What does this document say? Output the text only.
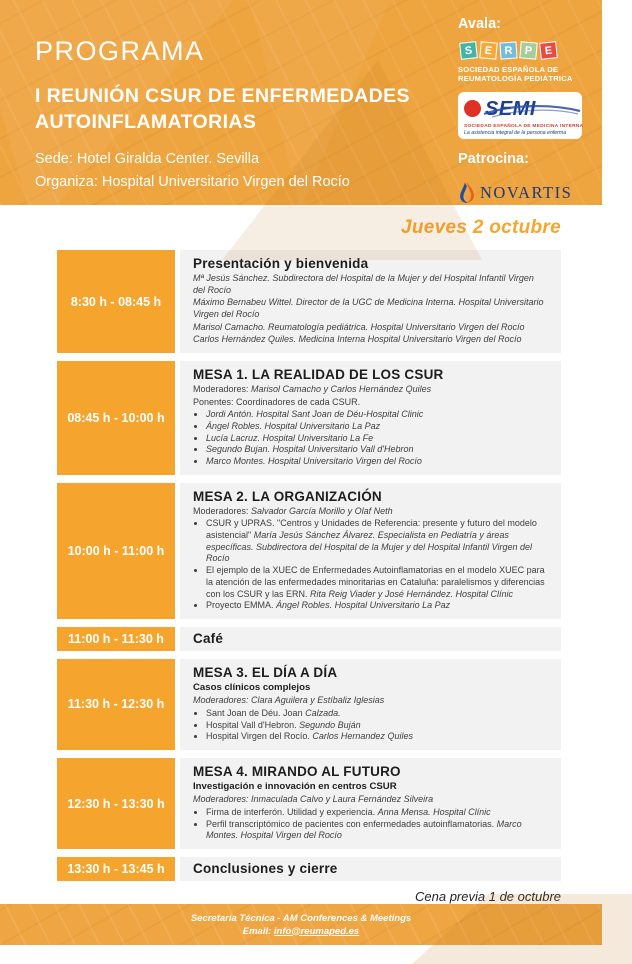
PROGRAMA
I REUNIÓN CSUR DE ENFERMEDADES
AUTOINFLAMATORIAS
Sede: Hotel Giralda Center. Sevilla
Organiza: Hospital Universitario Virgen del Rocío
Avala:
S	E	R	P	E
SOCIEDAD ESPAÑOLA DE
REUMATOLOGÍA PEDIÁTRICA
SEMI
SOCIEDAD ESPAÑOLA DE MEDICINA INTERNA
La asistencia integral de la persona enferma
Patrocina:
NOVARTIS
Jueves 2 octubre
8:30 h - 08:45 h
Presentación y bienvenida
Mª Jesús Sánchez. Subdirectora del Hospital de la Mujer y del Hospital Infantil Virgen del Rocío
Máximo Bernabeu Wittel. Director de la UGC de Medicina Interna. Hospital Universitario Virgen del Rocío
Marisol Camacho. Reumatología pediátrica. Hospital Universitario Virgen del Rocío
Carlos Hernández Quiles. Medicina Interna Hospital Universitario Virgen del Rocío
08:45 h - 10:00 h
MESA 1. LA REALIDAD DE LOS CSUR
Moderadores: Marisol Camacho y Carlos Hernández Quiles
Ponentes: Coordinadores de cada CSUR.
• Jordi Antón. Hospital Sant Joan de Déu-Hospital Clinic
• Ángel Robles. Hospital Universitario La Paz
• Lucía Lacruz. Hospital Universitario La Fe
• Segundo Bujan. Hospital Universitario Vall d'Hebron
• Marco Montes. Hospital Universitario Virgen del Rocío
10:00 h - 11:00 h
MESA 2. LA ORGANIZACIÓN
Moderadores: Salvador García Morillo y Olaf Neth
• CSUR y UPRAS. "Centros y Unidades de Referencia: presente y futuro del modelo asistencial" María Jesús Sánchez Álvarez. Especialista en Pediatría y áreas específicas. Subdirectora del Hospital de la Mujer y del Hospital Infantil Virgen del Rocío
• El ejemplo de la XUEC de Enfermedades Autoinflamatorias en el modelo XUEC para la atención de las enfermedades minoritarias en Cataluña: paralelismos y diferencias con los CSUR y las ERN. Rita Reig Viader y José Hernández. Hospital Clínic
• Proyecto EMMA. Ángel Robles. Hospital Universitario La Paz
11:00 h - 11:30 h	Café
11:30 h - 12:30 h
MESA 3. EL DÍA A DÍA
Casos clínicos complejos
Moderadores: Clara Aguilera y Estíbaliz Iglesias
• Sant Joan de Déu. Joan Calzada.
• Hospital Vall d'Hebron. Segundo Buján
• Hospital Virgen del Rocío. Carlos Hernandez Quiles
12:30 h - 13:30 h
MESA 4. MIRANDO AL FUTURO
Investigación e innovación en centros CSUR
Moderadores: Inmaculada Calvo y Laura Fernández Silveira
• Firma de interferón. Utilidad y experiencia. Anna Mensa. Hospital Clínic
• Perfil transcriptómico de pacientes con enfermedades autoinflamatorias. Marco Montes. Hospital Virgen del Rocío
13:30 h - 13:45 h	Conclusiones y cierre
Cena previa 1 de octubre
Secretaría Técnica - AM Conferences & Meetings
Email: info@reumaped.es
